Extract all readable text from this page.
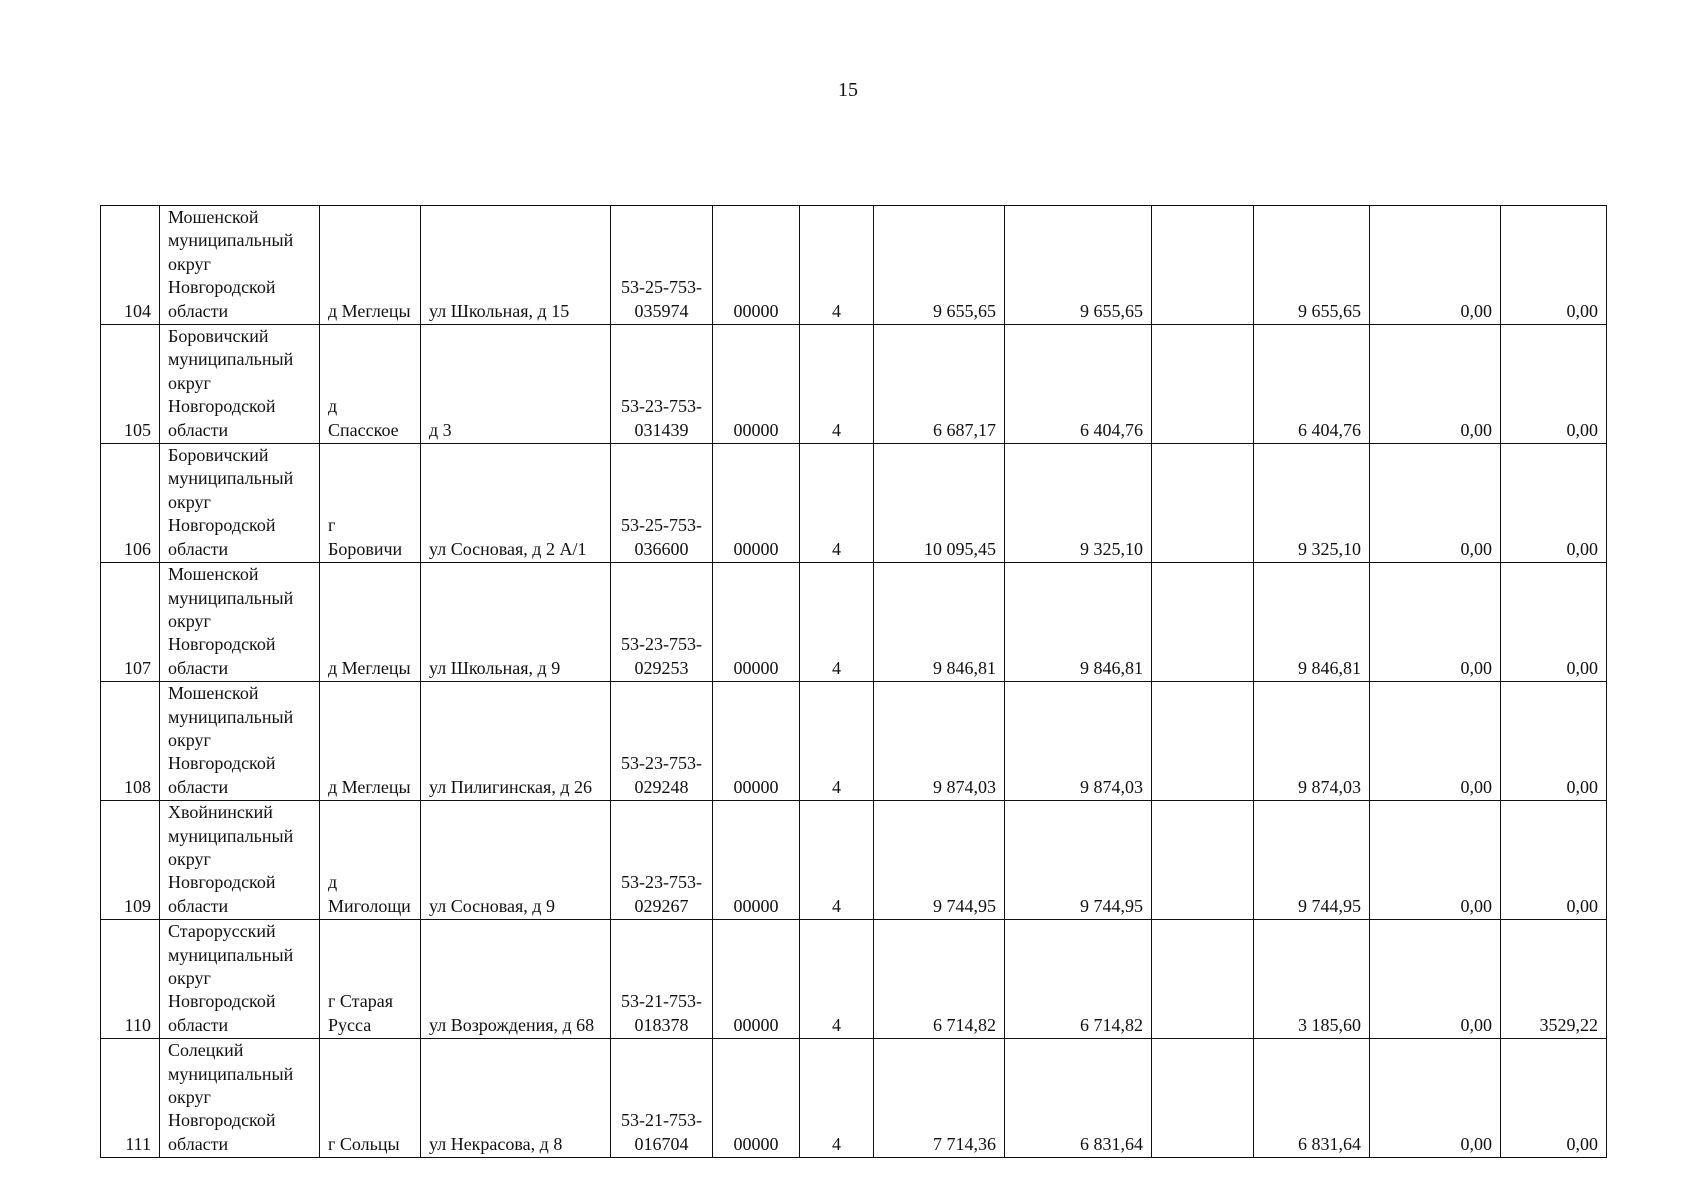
15
104	Мошенской муниципальный округ Новгородской области	д Меглецы	ул Школьная, д 15	53-25-753-035974	00000	4	9 655,65	9 655,65		9 655,65	0,00	0,00
105	Боровичский муниципальный округ Новгородской области	д Спасское	д 3	53-23-753-031439	00000	4	6 687,17	6 404,76		6 404,76	0,00	0,00
106	Боровичский муниципальный округ Новгородской области	г Боровичи	ул Сосновая, д 2 А/1	53-25-753-036600	00000	4	10 095,45	9 325,10		9 325,10	0,00	0,00
107	Мошенской муниципальный округ Новгородской области	д Меглецы	ул Школьная, д 9	53-23-753-029253	00000	4	9 846,81	9 846,81		9 846,81	0,00	0,00
108	Мошенской муниципальный округ Новгородской области	д Меглецы	ул Пилигинская, д 26	53-23-753-029248	00000	4	9 874,03	9 874,03		9 874,03	0,00	0,00
109	Хвойнинский муниципальный округ Новгородской области	д Миголощи	ул Сосновая, д 9	53-23-753-029267	00000	4	9 744,95	9 744,95		9 744,95	0,00	0,00
110	Старорусский муниципальный округ Новгородской области	г Старая Русса	ул Возрождения, д 68	53-21-753-018378	00000	4	6 714,82	6 714,82		3 185,60	0,00	3529,22
111	Солецкий муниципальный округ Новгородской области	г Сольцы	ул Некрасова, д 8	53-21-753-016704	00000	4	7 714,36	6 831,64		6 831,64	0,00	0,00
